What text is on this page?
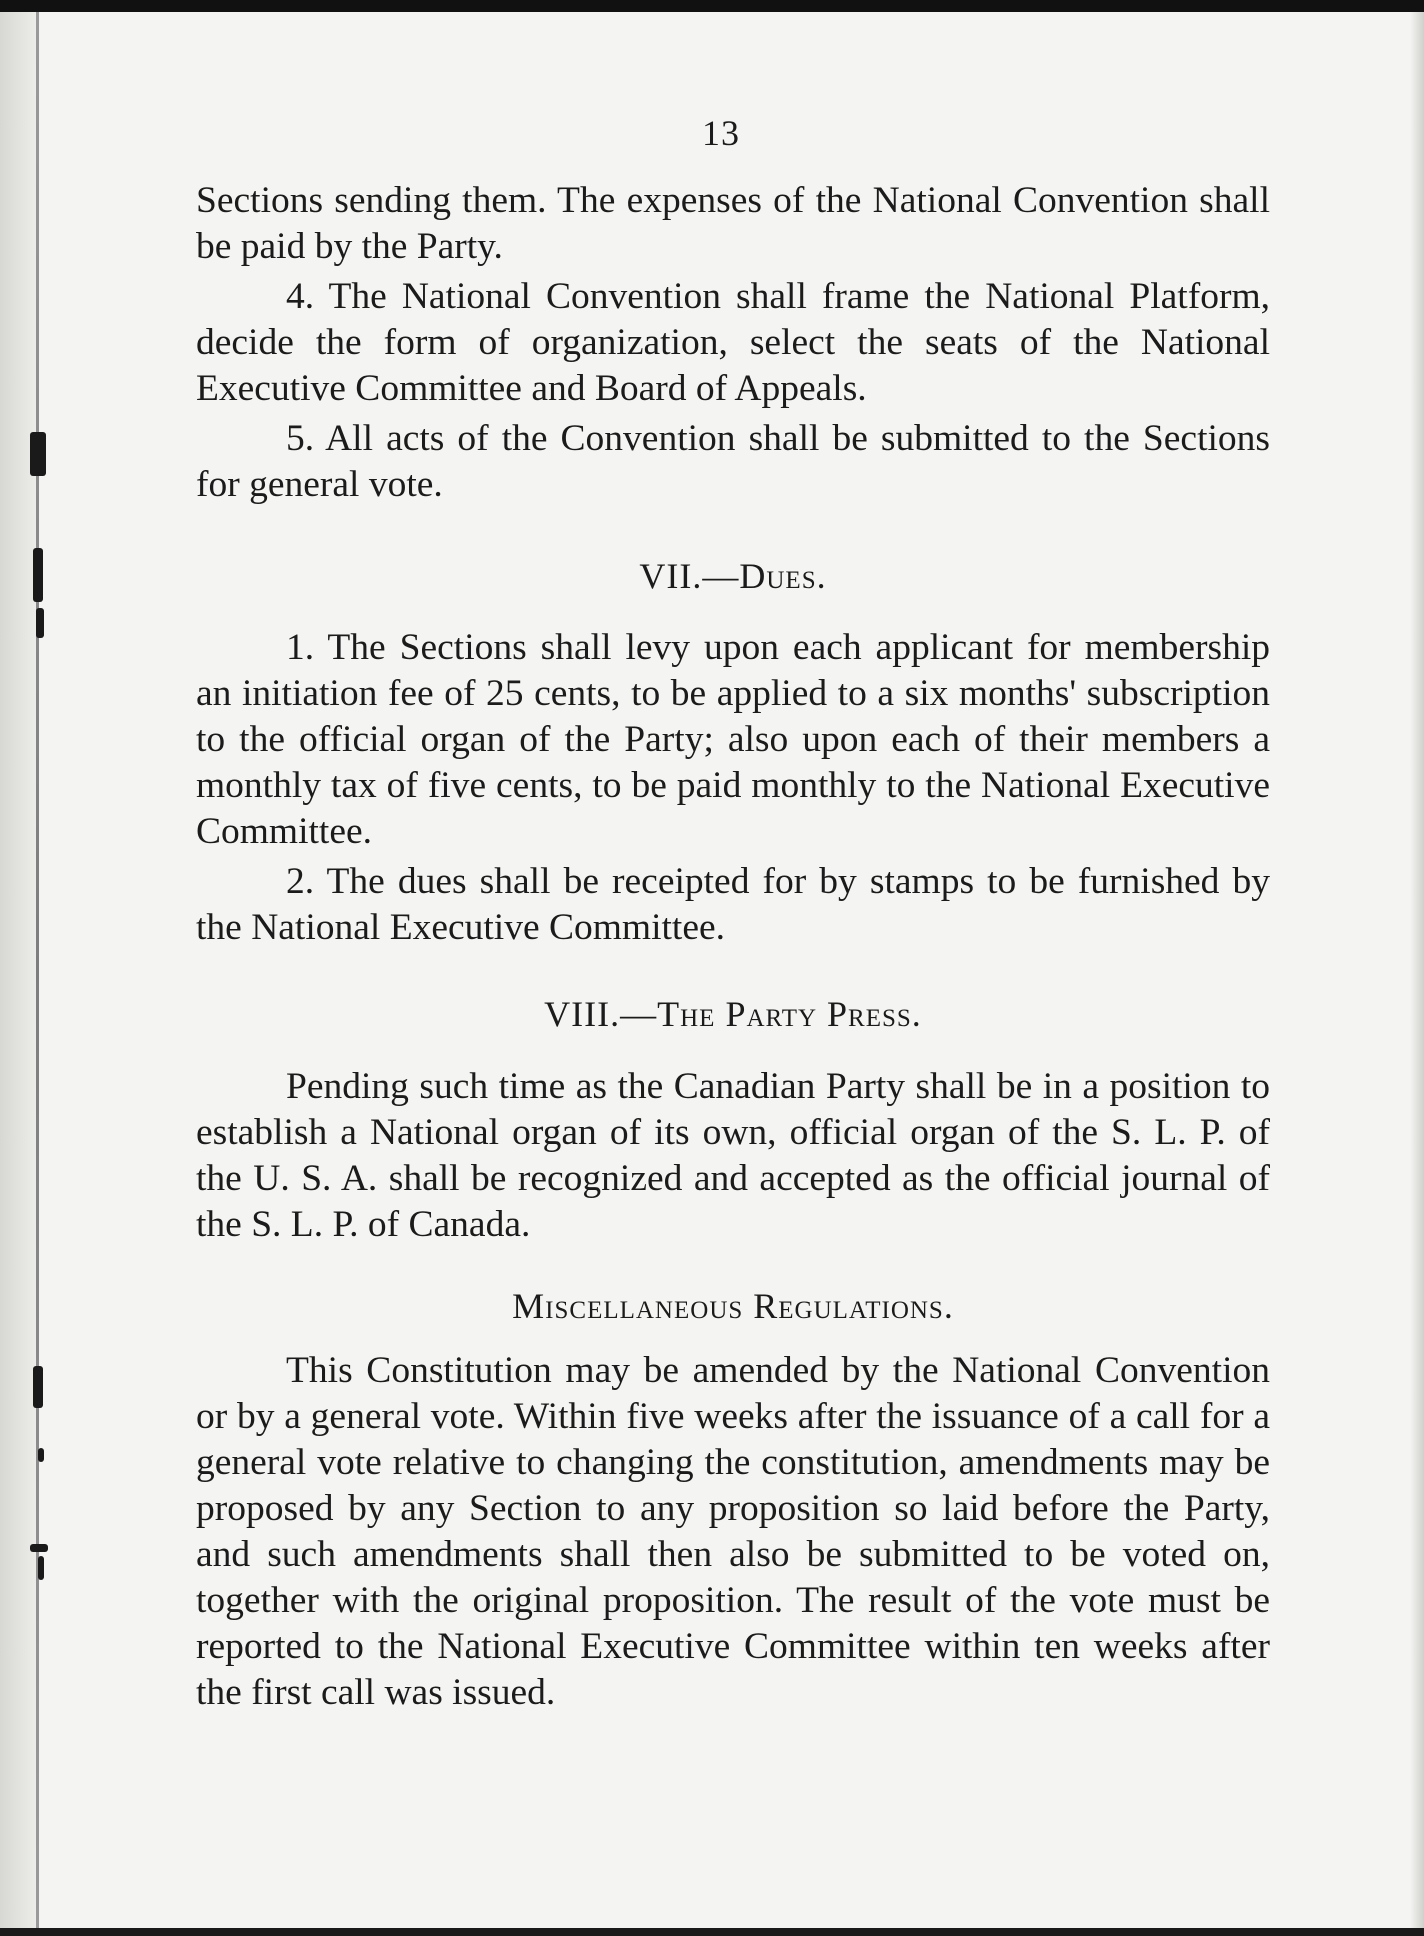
13

Sections sending them. The expenses of the National Convention shall be paid by the Party.

4. The National Convention shall frame the National Platform, decide the form of organization, select the seats of the National Executive Committee and Board of Appeals.

5. All acts of the Convention shall be submitted to the Sections for general vote.

VII.—Dues.

1. The Sections shall levy upon each applicant for membership an initiation fee of 25 cents, to be applied to a six months' subscription to the official organ of the Party; also upon each of their members a monthly tax of five cents, to be paid monthly to the National Executive Committee.

2. The dues shall be receipted for by stamps to be furnished by the National Executive Committee.

VIII.—The Party Press.

Pending such time as the Canadian Party shall be in a position to establish a National organ of its own, official organ of the S. L. P. of the U. S. A. shall be recognized and accepted as the official journal of the S. L. P. of Canada.

Miscellaneous Regulations.

This Constitution may be amended by the National Convention or by a general vote. Within five weeks after the issuance of a call for a general vote relative to changing the constitution, amendments may be proposed by any Section to any proposition so laid before the Party, and such amendments shall then also be submitted to be voted on, together with the original proposition. The result of the vote must be reported to the National Executive Committee within ten weeks after the first call was issued.
